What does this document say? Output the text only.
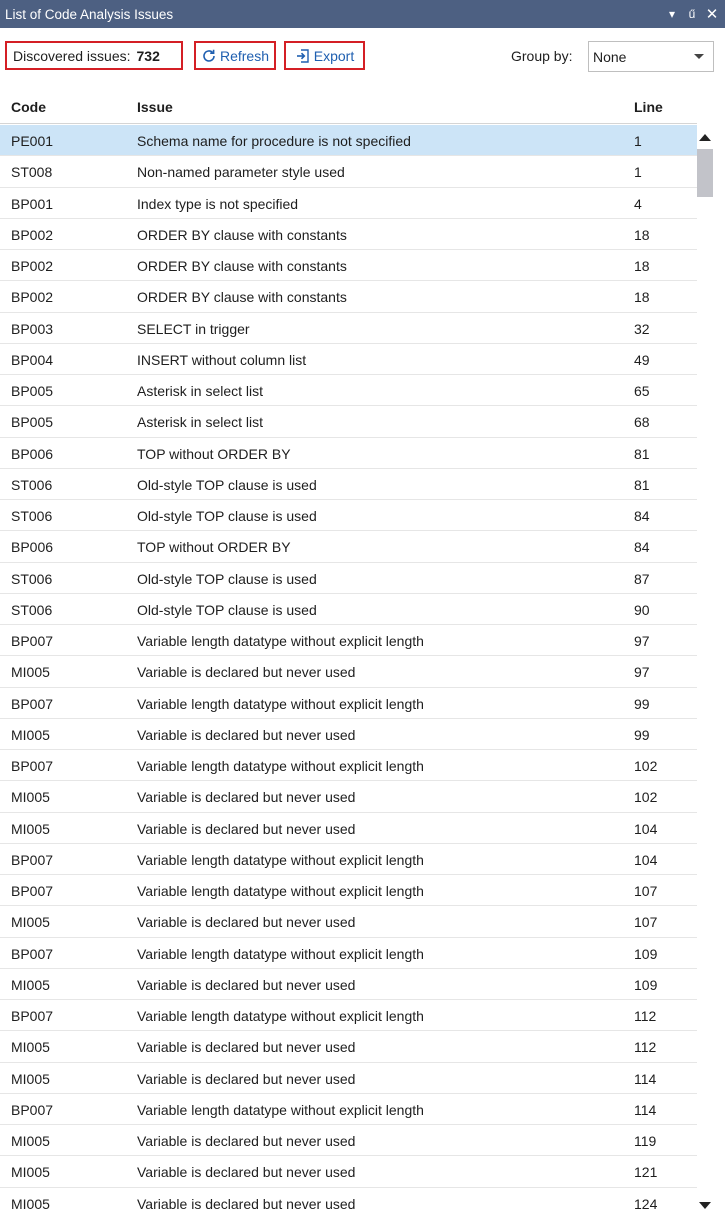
List of Code Analysis Issues	▾	ű ✕
Discovered issues: 732	Refresh	Export	Group by: None
Code	Issue	Line
PE001	Schema name for procedure is not specified	1
ST008	Non-named parameter style used	1
BP001	Index type is not specified	4
BP002	ORDER BY clause with constants	18
BP002	ORDER BY clause with constants	18
BP002	ORDER BY clause with constants	18
BP003	SELECT in trigger	32
BP004	INSERT without column list	49
BP005	Asterisk in select list	65
BP005	Asterisk in select list	68
BP006	TOP without ORDER BY	81
ST006	Old-style TOP clause is used	81
ST006	Old-style TOP clause is used	84
BP006	TOP without ORDER BY	84
ST006	Old-style TOP clause is used	87
ST006	Old-style TOP clause is used	90
BP007	Variable length datatype without explicit length	97
MI005	Variable is declared but never used	97
BP007	Variable length datatype without explicit length	99
MI005	Variable is declared but never used	99
BP007	Variable length datatype without explicit length	102
MI005	Variable is declared but never used	102
MI005	Variable is declared but never used	104
BP007	Variable length datatype without explicit length	104
BP007	Variable length datatype without explicit length	107
MI005	Variable is declared but never used	107
BP007	Variable length datatype without explicit length	109
MI005	Variable is declared but never used	109
BP007	Variable length datatype without explicit length	112
MI005	Variable is declared but never used	112
MI005	Variable is declared but never used	114
BP007	Variable length datatype without explicit length	114
MI005	Variable is declared but never used	119
MI005	Variable is declared but never used	121
MI005	Variable is declared but never used	124
